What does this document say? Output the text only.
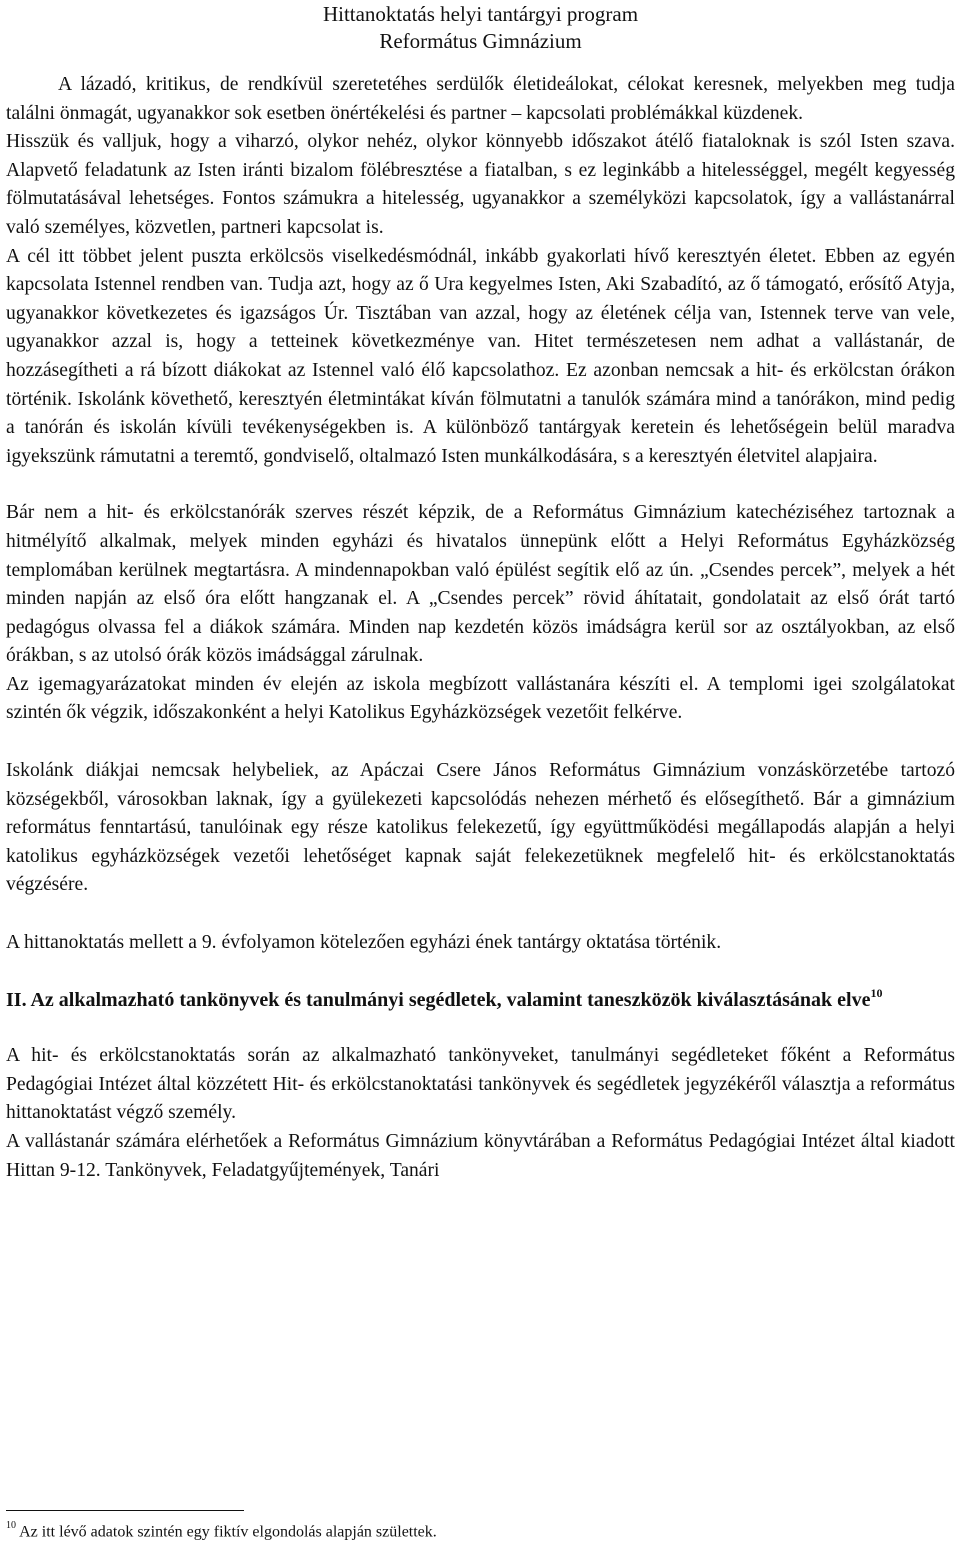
Hittanoktatás helyi tantárgyi program
Református Gimnázium

A lázadó, kritikus, de rendkívül szeretetéhes serdülők életideálokat, célokat keresnek, melyekben meg tudja találni önmagát, ugyanakkor sok esetben önértékelési és partner – kapcsolati problémákkal küzdenek.

Hisszük és valljuk, hogy a viharzó, olykor nehéz, olykor könnyebb időszakot átélő fiataloknak is szól Isten szava. Alapvető feladatunk az Isten iránti bizalom fölébresztése a fiatalban, s ez leginkább a hitelességgel, megélt kegyesség fölmutatásával lehetséges. Fontos számukra a hitelesség, ugyanakkor a személyközi kapcsolatok, így a vallástanárral való személyes, közvetlen, partneri kapcsolat is.

A cél itt többet jelent puszta erkölcsös viselkedésmódnál, inkább gyakorlati hívő keresztyén életet. Ebben az egyén kapcsolata Istennel rendben van. Tudja azt, hogy az ő Ura kegyelmes Isten, Aki Szabadító, az ő támogató, erősítő Atyja, ugyanakkor következetes és igazságos Úr. Tisztában van azzal, hogy az életének célja van, Istennek terve van vele, ugyanakkor azzal is, hogy a tetteinek következménye van. Hitet természetesen nem adhat a vallástanár, de hozzásegítheti a rá bízott diákokat az Istennel való élő kapcsolathoz. Ez azonban nemcsak a hit- és erkölcstan órákon történik. Iskolánk követhető, keresztyén életmintákat kíván fölmutatni a tanulók számára mind a tanórákon, mind pedig a tanórán és iskolán kívüli tevékenységekben is. A különböző tantárgyak keretein és lehetőségein belül maradva igyekszünk rámutatni a teremtő, gondviselő, oltalmazó Isten munkálkodására, s a keresztyén életvitel alapjaira.

Bár nem a hit- és erkölcstanórák szerves részét képzik, de a Református Gimnázium katechéziséhez tartoznak a hitmélyítő alkalmak, melyek minden egyházi és hivatalos ünnepünk előtt a Helyi Református Egyházközség templomában kerülnek megtartásra. A mindennapokban való épülést segítik elő az ún. „Csendes percek”, melyek a hét minden napján az első óra előtt hangzanak el. A „Csendes percek” rövid áhítatait, gondolatait az első órát tartó pedagógus olvassa fel a diákok számára. Minden nap kezdetén közös imádságra kerül sor az osztályokban, az első órákban, s az utolsó órák közös imádsággal zárulnak.

Az igemagyarázatokat minden év elején az iskola megbízott vallástanára készíti el. A templomi igei szolgálatokat szintén ők végzik, időszakonként a helyi Katolikus Egyházközségek vezetőit felkérve.

Iskolánk diákjai nemcsak helybeliek, az Apáczai Csere János Református Gimnázium vonzáskörzetébe tartozó községekből, városokban laknak, így a gyülekezeti kapcsolódás nehezen mérhető és elősegíthető. Bár a gimnázium református fenntartású, tanulóinak egy része katolikus felekezetű, így együttműködési megállapodás alapján a helyi katolikus egyházközségek vezetői lehetőséget kapnak saját felekezetüknek megfelelő hit- és erkölcstanoktatás végzésére.

A hittanoktatás mellett a 9. évfolyamon kötelezően egyházi ének tantárgy oktatása történik.

II. Az alkalmazható tankönyvek és tanulmányi segédletek, valamint taneszközök kiválasztásának elve$^{10}$

A hit- és erkölcstanoktatás során az alkalmazható tankönyveket, tanulmányi segédleteket főként a Református Pedagógiai Intézet által közzétett Hit- és erkölcstanoktatási tankönyvek és segédletek jegyzékéről választja a református hittanoktatást végző személy.

A vallástanár számára elérhetőek a Református Gimnázium könyvtárában a Református Pedagógiai Intézet által kiadott Hittan 9-12. Tankönyvek, Feladatgyűjtemények, Tanári

$^{10}$ Az itt lévő adatok szintén egy fiktív elgondolás alapján születtek.
